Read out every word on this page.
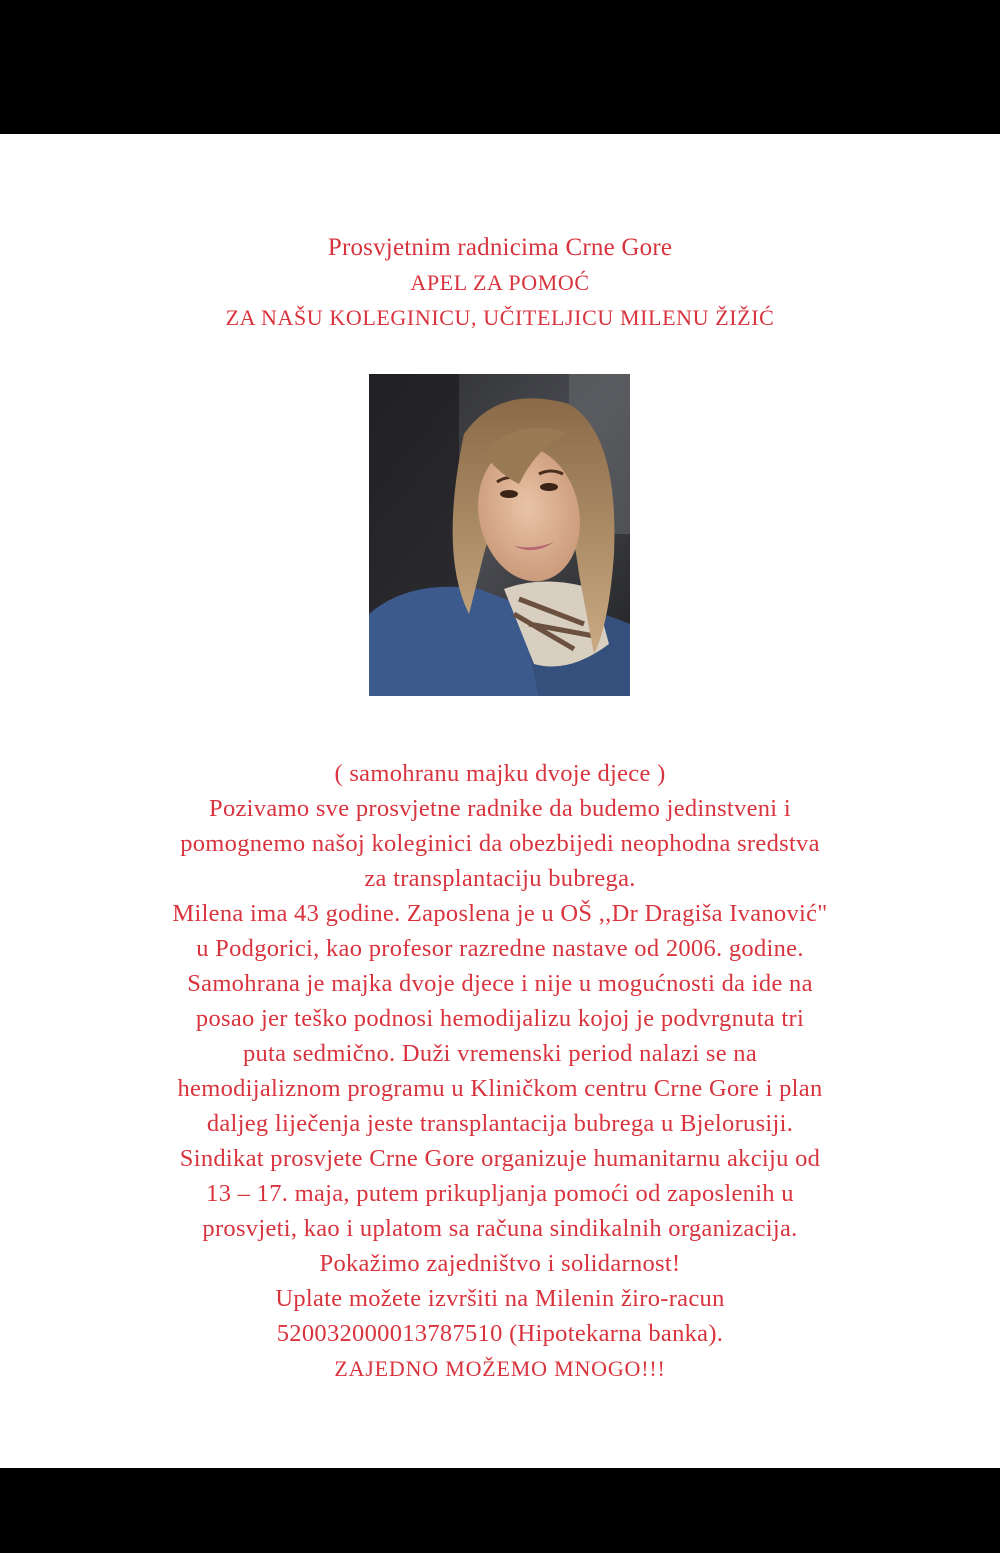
Prosvjetnim radnicima Crne Gore
APEL ZA POMOĆ
ZA NAŠU KOLEGINICU, UČITELJICU MILENU ŽIŽIĆ
( samohranu majku dvoje djece )
Pozivamo sve prosvjetne radnike da budemo jedinstveni i
pomognemo našoj koleginici da obezbijedi neophodna sredstva
za transplantaciju bubrega.
Milena ima 43 godine. Zaposlena je u OŠ ,,Dr Dragiša Ivanović"
u Podgorici, kao profesor razredne nastave od 2006. godine.
Samohrana je majka dvoje djece i nije u mogućnosti da ide na
posao jer teško podnosi hemodijalizu kojoj je podvrgnuta tri
puta sedmično. Duži vremenski period nalazi se na
hemodijaliznom programu u Kliničkom centru Crne Gore i plan
daljeg liječenja jeste transplantacija bubrega u Bjelorusiji.
Sindikat prosvjete Crne Gore organizuje humanitarnu akciju od
13 – 17. maja, putem prikupljanja pomoći od zaposlenih u
prosvjeti, kao i uplatom sa računa sindikalnih organizacija.
Pokažimo zajedništvo i solidarnost!
Uplate možete izvršiti na Milenin žiro-racun
520032000013787510 (Hipotekarna banka).
ZAJEDNO MOŽEMO MNOGO!!!
